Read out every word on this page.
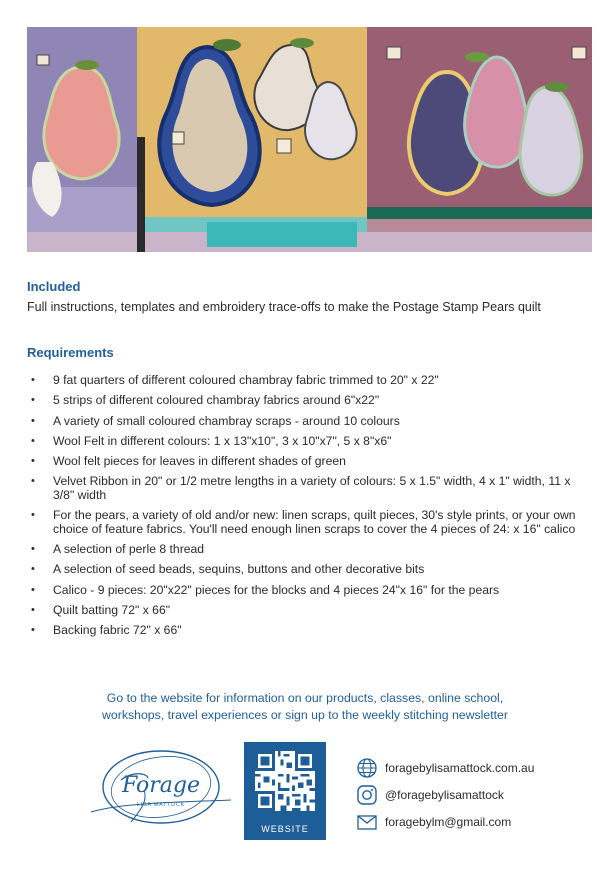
Included

Full instructions, templates and embroidery trace-offs to make the Postage Stamp Pears quilt

Requirements
• 9 fat quarters of different coloured chambray fabric trimmed to 20" x 22"
• 5 strips of different coloured chambray fabrics around 6"x22"
• A variety of small coloured chambray scraps - around 10 colours
• Wool Felt in different colours: 1 x 13"x10", 3 x 10"x7", 5 x 8"x6"
• Wool felt pieces for leaves in different shades of green
• Velvet Ribbon in 20" or 1/2 metre lengths in a variety of colours: 5 x 1.5" width, 4 x 1" width, 11 x 3/8" width
• For the pears, a variety of old and/or new: linen scraps, quilt pieces, 30's style prints, or your own choice of feature fabrics. You'll need enough linen scraps to cover the 4 pieces of 24: x 16" calico
• A selection of perle 8 thread
• A selection of seed beads, sequins, buttons and other decorative bits
• Calico - 9 pieces: 20"x22" pieces for the blocks and 4 pieces 24"x 16" for the pears
• Quilt batting 72" x 66"
• Backing fabric 72" x 66"

Go to the website for information on our products, classes, online school,
workshops, travel experiences or sign up to the weekly stitching newsletter

Forage
LISA MATTOCK
WEBSITE
foragebylisamattock.com.au
@foragebylisamattock
foragebylm@gmail.com
